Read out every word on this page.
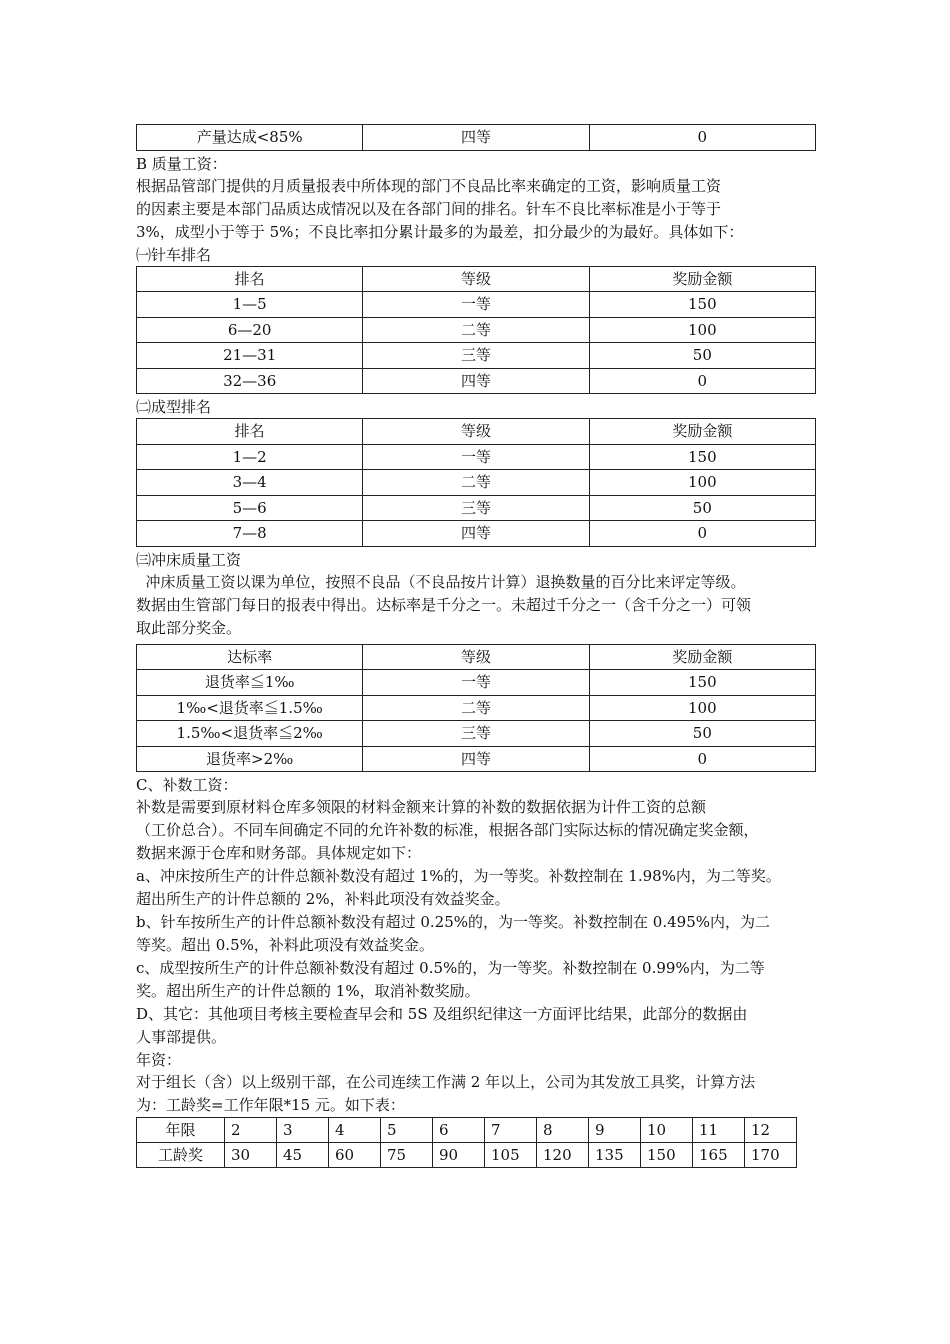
产量达成<85%	四等	0

B 质量工资：

根据品管部门提供的月质量报表中所体现的部门不良品比率来确定的工资，影响质量工资

的因素主要是本部门品质达成情况以及在各部门间的排名。针车不良比率标准是小于等于

3%，成型小于等于 5%；不良比率扣分累计最多的为最差，扣分最少的为最好。具体如下：

㈠针车排名

排名	等级	奖励金额
1—5	一等	150
6—20	二等	100
21—31	三等	50
32—36	四等	0

㈡成型排名

排名	等级	奖励金额
1—2	一等	150
3—4	二等	100
5—6	三等	50
7—8	四等	0

㈢冲床质量工资

冲床质量工资以课为单位，按照不良品（不良品按片计算）退换数量的百分比来评定等级。

数据由生管部门每日的报表中得出。达标率是千分之一。未超过千分之一（含千分之一）可领

取此部分奖金。

达标率	等级	奖励金额
退货率≦1‰	一等	150
1‰<退货率≦1.5‰	二等	100
1.5‰<退货率≦2‰	三等	50
退货率>2‰	四等	0

C、补数工资：

补数是需要到原材料仓库多领限的材料金额来计算的补数的数据依据为计件工资的总额

（工价总合）。不同车间确定不同的允许补数的标准，根据各部门实际达标的情况确定奖金额，

数据来源于仓库和财务部。具体规定如下：

a、冲床按所生产的计件总额补数没有超过 1%的，为一等奖。补数控制在 1.98%内，为二等奖。

超出所生产的计件总额的 2%，补料此项没有效益奖金。

b、针车按所生产的计件总额补数没有超过 0.25%的，为一等奖。补数控制在 0.495%内，为二

等奖。超出 0.5%，补料此项没有效益奖金。

c、成型按所生产的计件总额补数没有超过 0.5%的，为一等奖。补数控制在 0.99%内，为二等

奖。超出所生产的计件总额的 1%，取消补数奖励。

D、其它：其他项目考核主要检查早会和 5S 及组织纪律这一方面评比结果，此部分的数据由

人事部提供。

年资：

对于组长（含）以上级别干部，在公司连续工作满 2 年以上，公司为其发放工具奖，计算方法

为：工龄奖=工作年限*15 元。如下表：

年限	2	3	4	5	6	7	8	9	10	11	12
工龄奖	30	45	60	75	90	105	120	135	150	165	170
